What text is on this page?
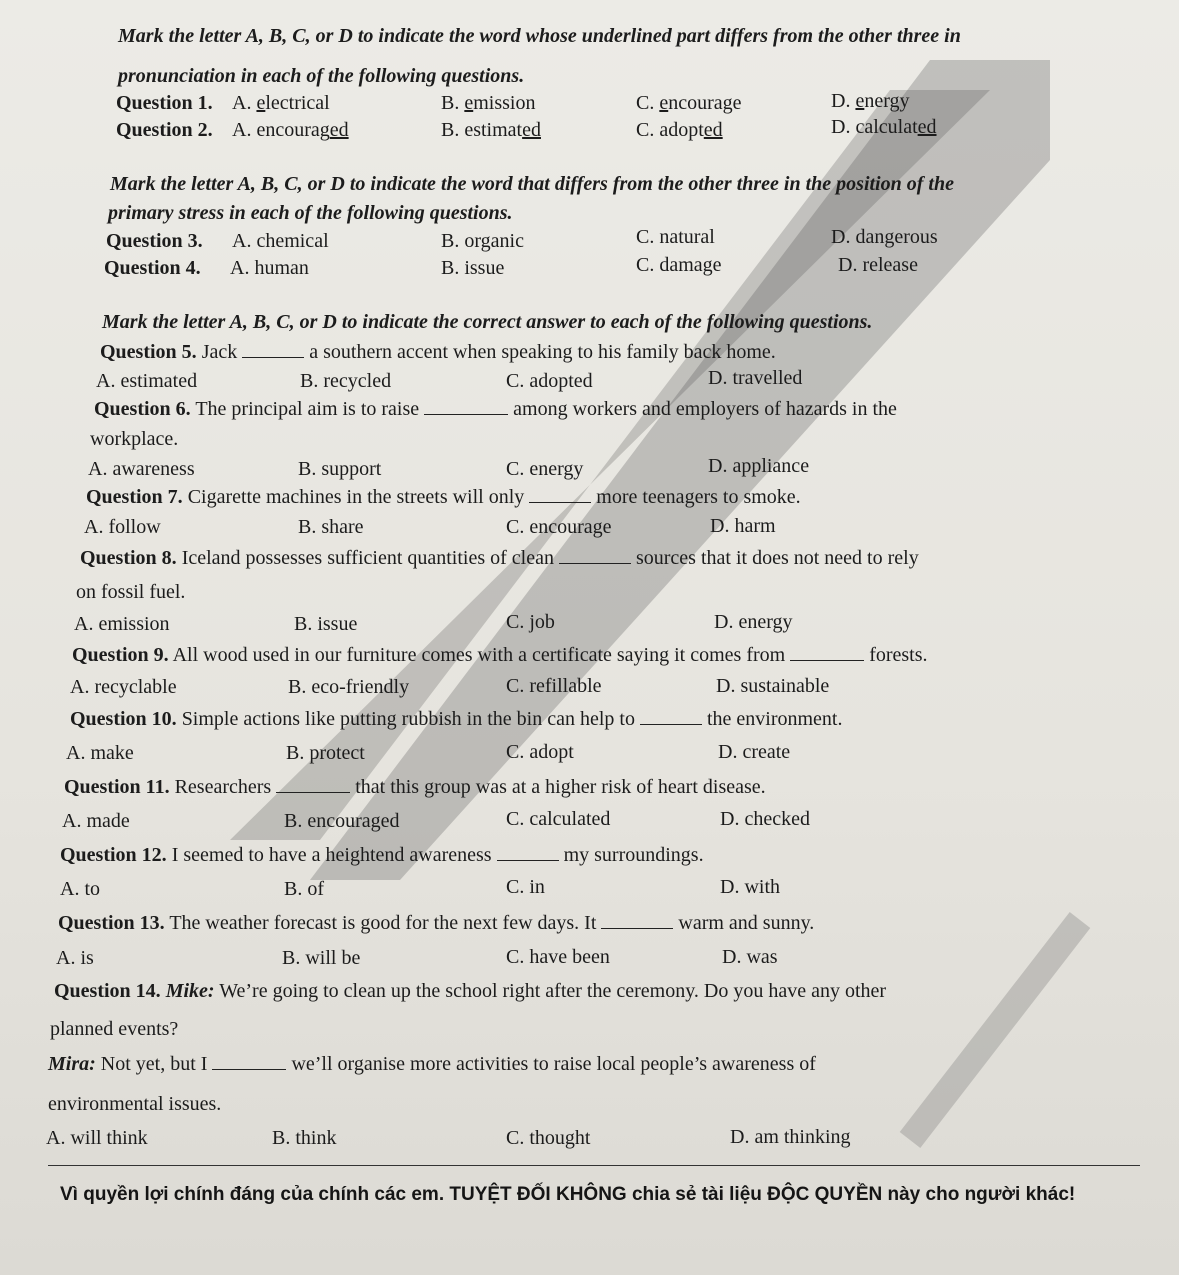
Mark the letter A, B, C, or D to indicate the word whose underlined part differs from the other three in
pronunciation in each of the following questions.
Question 1. A. electrical	B. emission	C. encourage	D. energy
Question 2. A. encouraged	B. estimated	C. adopted	D. calculated
Mark the letter A, B, C, or D to indicate the word that differs from the other three in the position of the
primary stress in each of the following questions.
Question 3. A. chemical	B. organic	C. natural	D. dangerous
Question 4. A. human	B. issue	C. damage	D. release
Mark the letter A, B, C, or D to indicate the correct answer to each of the following questions.
Question 5. Jack	a southern accent when speaking to his family back home.
A. estimated	B. recycled	C. adopted	D. travelled
Question 6. The principal aim is to raise	among workers and employers of hazards in the
workplace.
A. awareness	B. support	C. energy	D. appliance
Question 7. Cigarette machines in the streets will only	more teenagers to smoke.
A. follow	B. share	C. encourage	D. harm
Question 8. Iceland possesses sufficient quantities of clean	sources that it does not need to rely
on fossil fuel.
A. emission	B. issue	C. job	D. energy
Question 9. All wood used in our furniture comes with a certificate saying it comes from	forests.
A. recyclable	B. eco-friendly	C. refillable	D. sustainable
Question 10. Simple actions like putting rubbish in the bin can help to	the environment.
A. make	B. protect	C. adopt	D. create
Question 11. Researchers	that this group was at a higher risk of heart disease.
A. made	B. encouraged	C. calculated	D. checked
Question 12. I seemed to have a heightend awareness	my surroundings.
A. to	B. of	C. in	D. with
Question 13. The weather forecast is good for the next few days. It	warm and sunny.
A. is	B. will be	C. have been	D. was
Question 14. Mike: We’re going to clean up the school right after the ceremony. Do you have any other
planned events?
Mira: Not yet, but I	we’ll organise more activities to raise local people’s awareness of
environmental issues.
A. will think	B. think	C. thought	D. am thinking
Vì quyền lợi chính đáng của chính các em. TUYỆT ĐỐI KHÔNG chia sẻ tài liệu ĐỘC QUYỀN này cho người khác!
